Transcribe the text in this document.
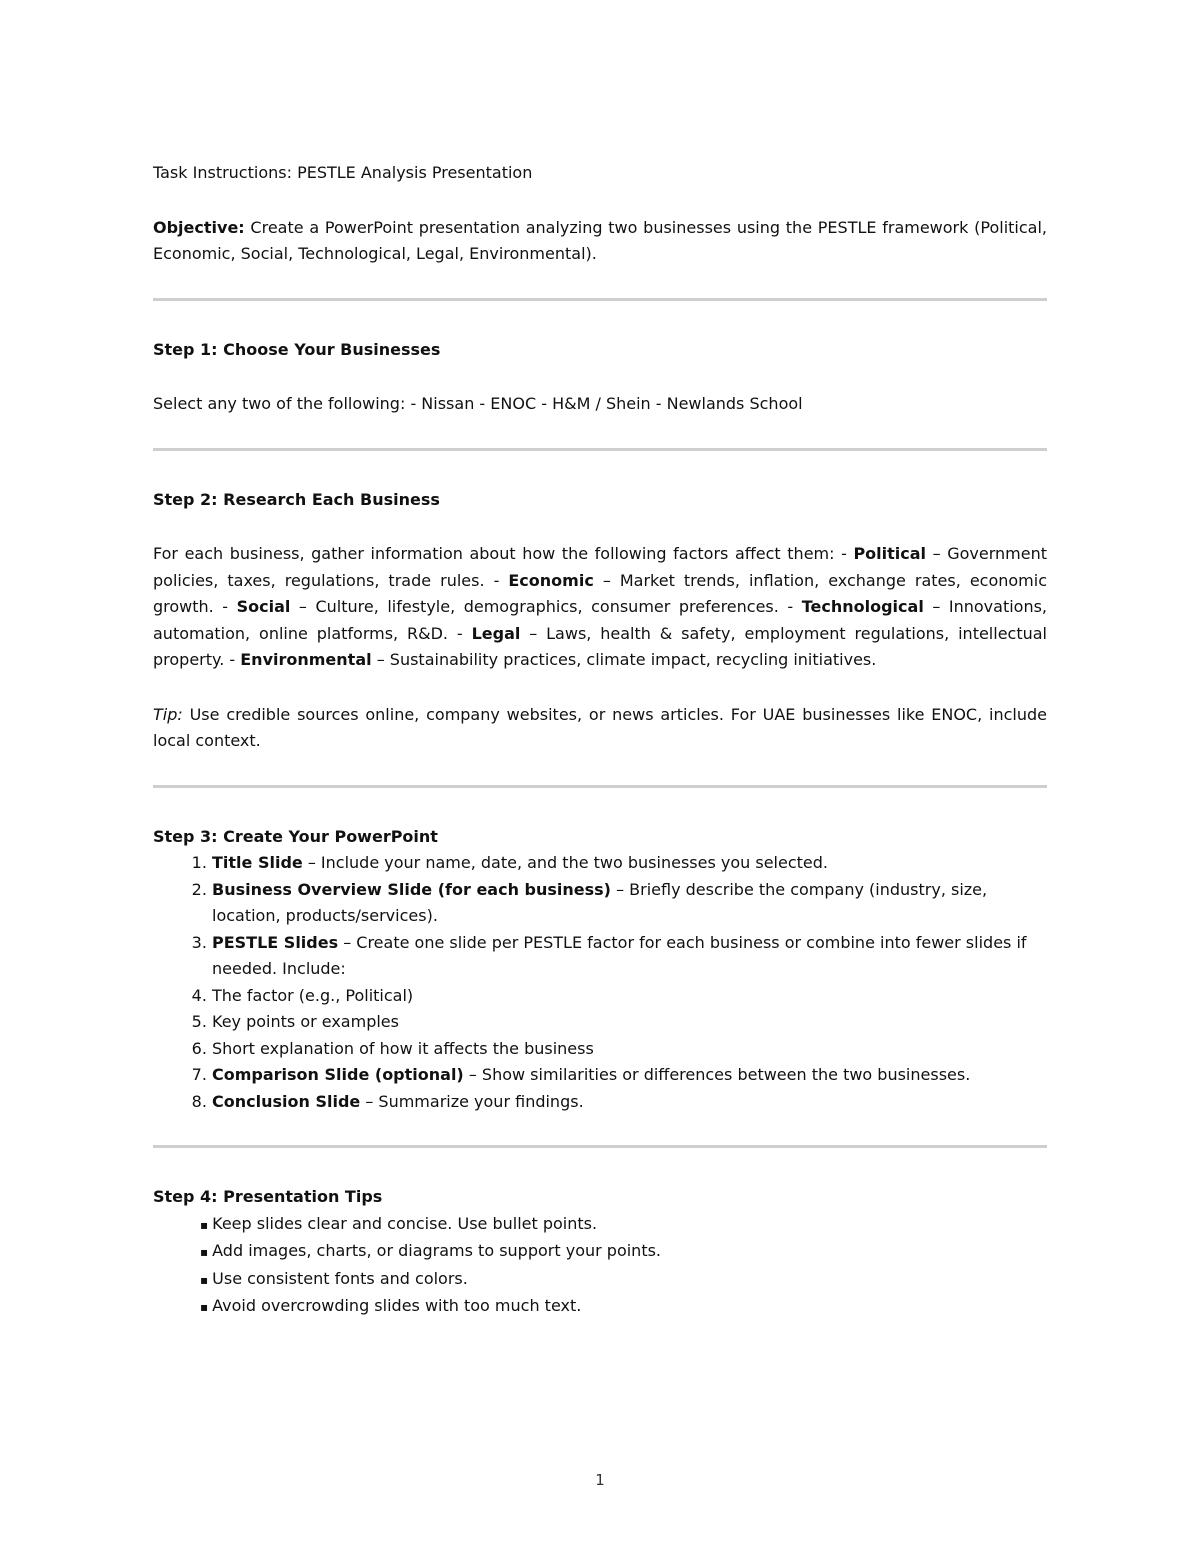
Task Instructions: PESTLE Analysis Presentation

Objective: Create a PowerPoint presentation analyzing two businesses using the PESTLE framework (Political, Economic, Social, Technological, Legal, Environmental).

Step 1: Choose Your Businesses

Select any two of the following: - Nissan - ENOC - H&M / Shein - Newlands School

Step 2: Research Each Business

For each business, gather information about how the following factors affect them: - Political – Government policies, taxes, regulations, trade rules. - Economic – Market trends, inflation, exchange rates, economic growth. - Social – Culture, lifestyle, demographics, consumer preferences. - Technological – Innovations, automation, online platforms, R&D. - Legal – Laws, health & safety, employment regulations, intellectual property. - Environmental – Sustainability practices, climate impact, recycling initiatives.

Tip: Use credible sources online, company websites, or news articles. For UAE businesses like ENOC, include local context.

Step 3: Create Your PowerPoint

1. Title Slide – Include your name, date, and the two businesses you selected.
2. Business Overview Slide (for each business) – Briefly describe the company (industry, size, location, products/services).
3. PESTLE Slides – Create one slide per PESTLE factor for each business or combine into fewer slides if needed. Include:
4. The factor (e.g., Political)
5. Key points or examples
6. Short explanation of how it affects the business
7. Comparison Slide (optional) – Show similarities or differences between the two businesses.
8. Conclusion Slide – Summarize your findings.

Step 4: Presentation Tips

▪ Keep slides clear and concise. Use bullet points.
▪ Add images, charts, or diagrams to support your points.
▪ Use consistent fonts and colors.
▪ Avoid overcrowding slides with too much text.
1
